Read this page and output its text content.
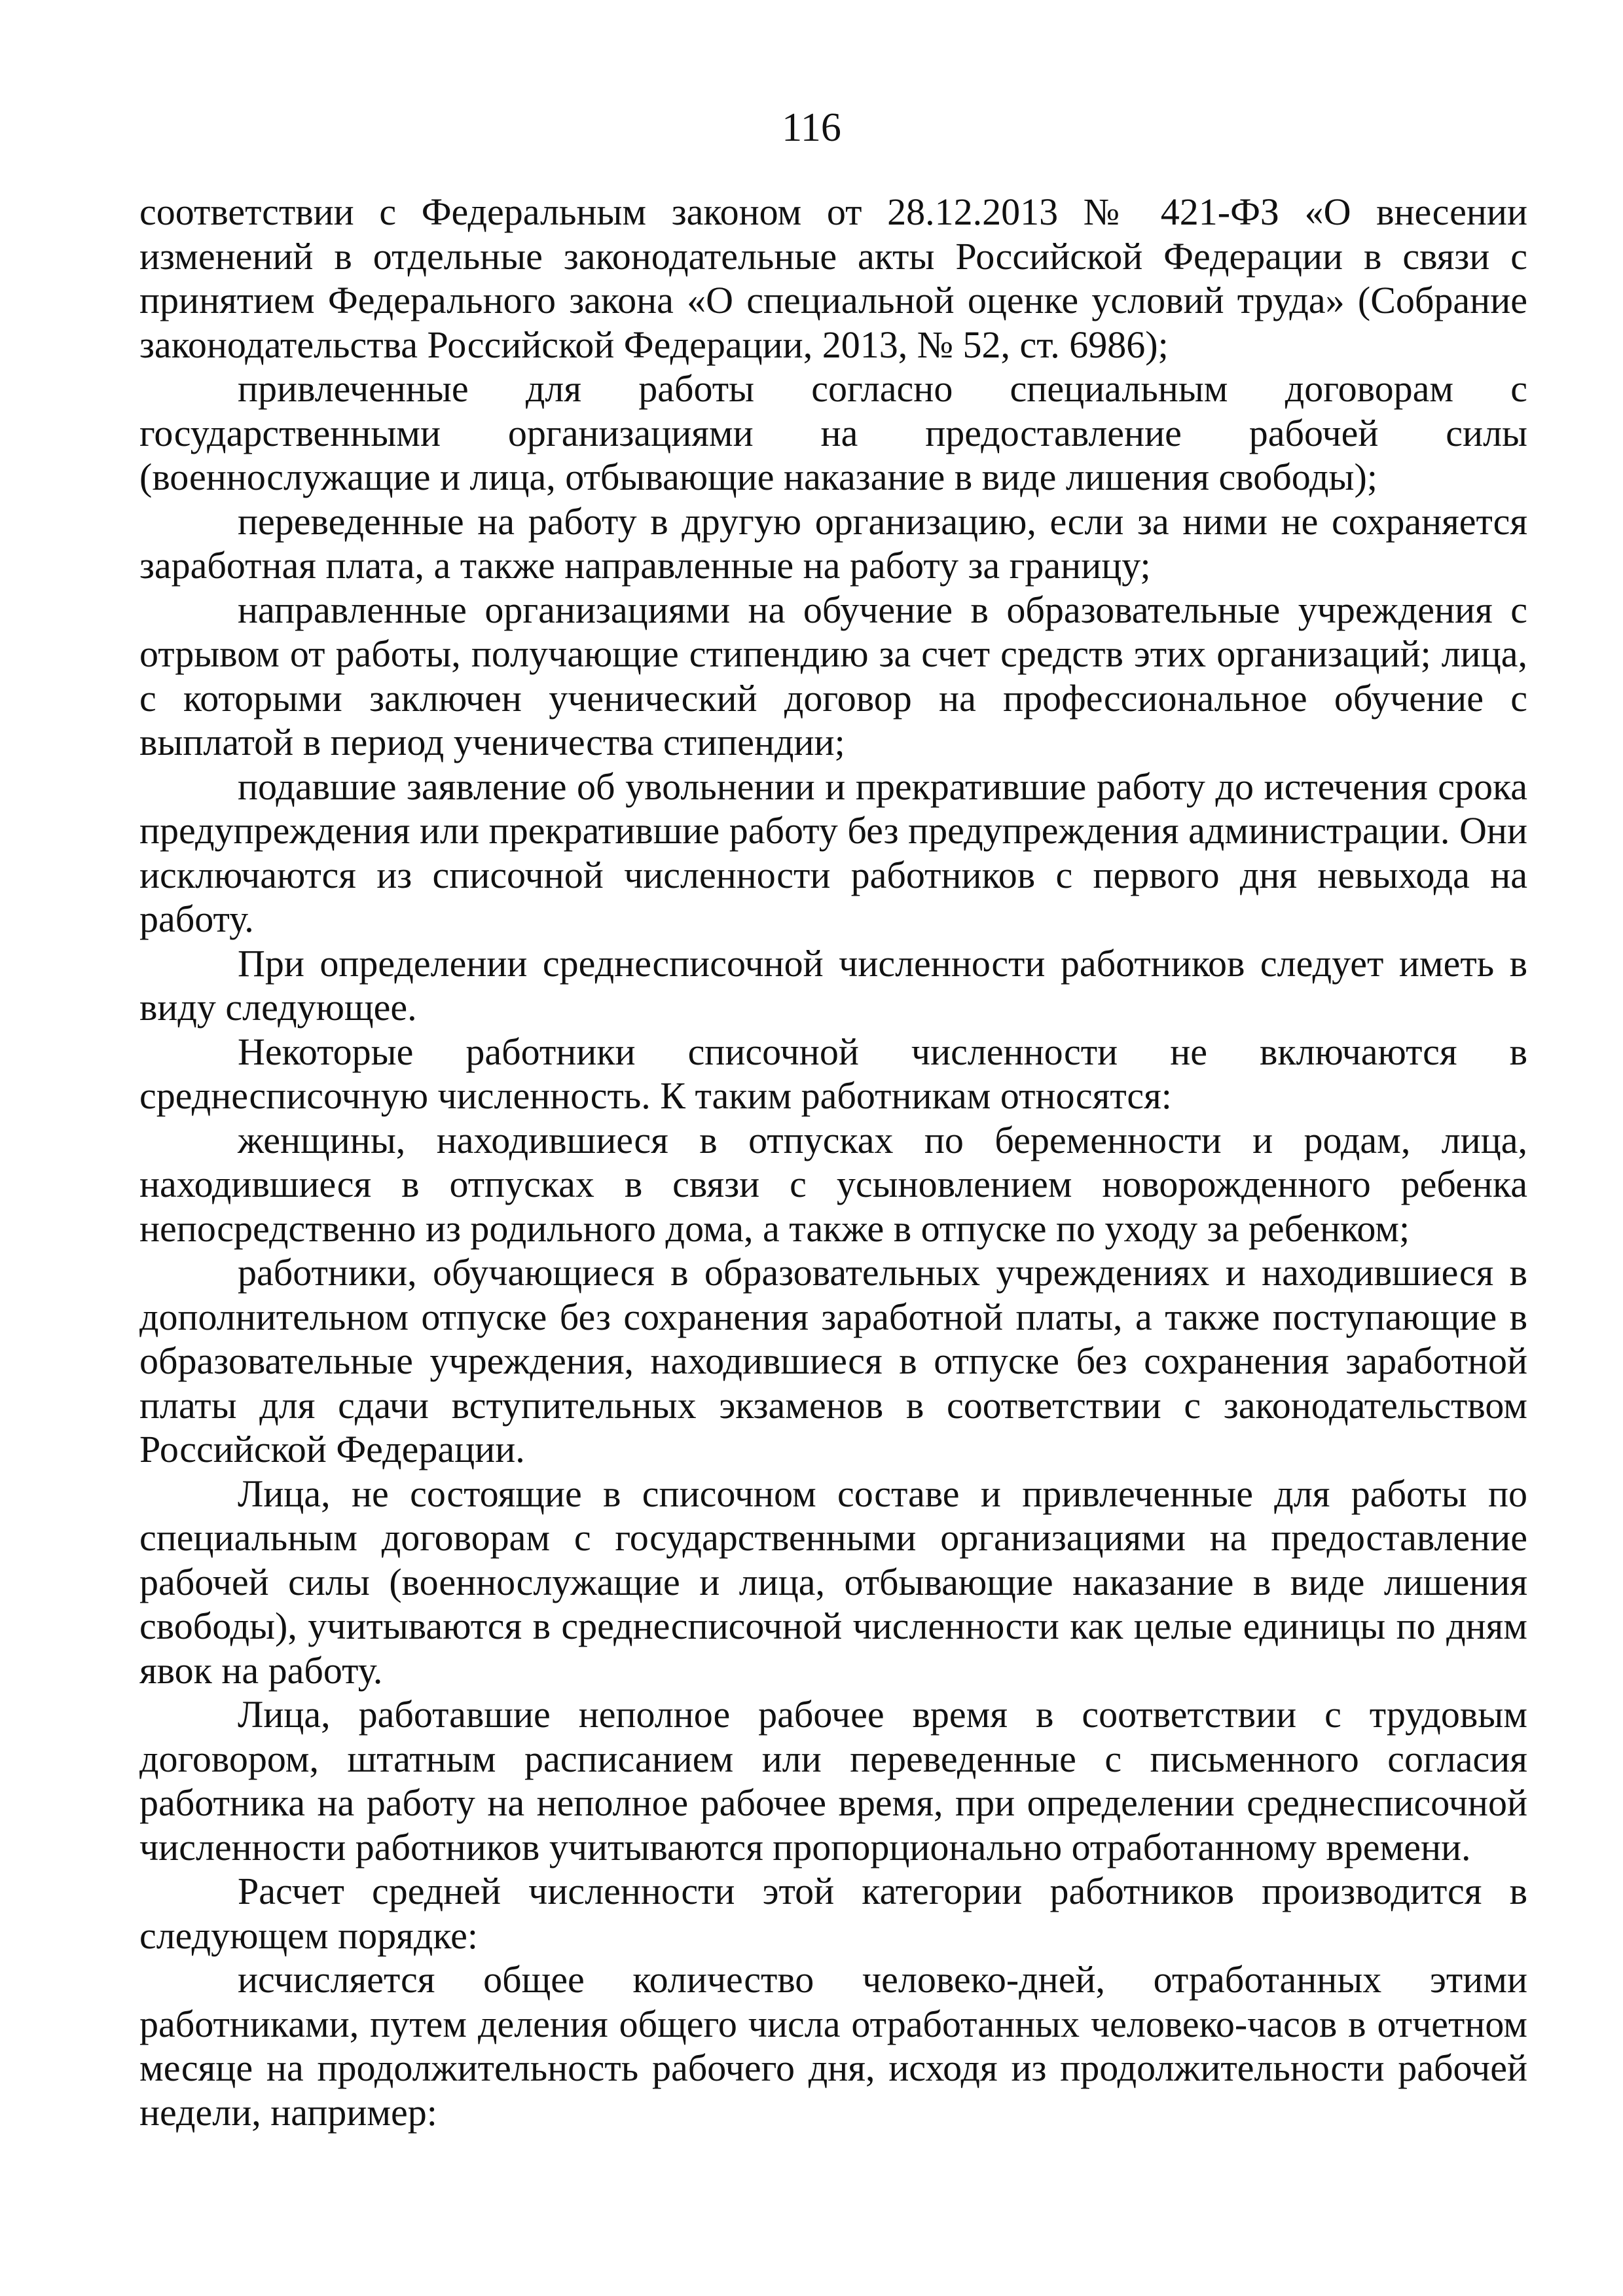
116

соответствии с Федеральным законом от 28.12.2013 № 421-ФЗ «О внесении изменений в отдельные законодательные акты Российской Федерации в связи с принятием Федерального закона «О специальной оценке условий труда» (Собрание законодательства Российской Федерации, 2013, № 52, ст. 6986);

привлеченные для работы согласно специальным договорам с государственными организациями на предоставление рабочей силы (военнослужащие и лица, отбывающие наказание в виде лишения свободы);

переведенные на работу в другую организацию, если за ними не сохраняется заработная плата, а также направленные на работу за границу;

направленные организациями на обучение в образовательные учреждения с отрывом от работы, получающие стипендию за счет средств этих организаций; лица, с которыми заключен ученический договор на профессиональное обучение с выплатой в период ученичества стипендии;

подавшие заявление об увольнении и прекратившие работу до истечения срока предупреждения или прекратившие работу без предупреждения администрации. Они исключаются из списочной численности работников с первого дня невыхода на работу.

При определении среднесписочной численности работников следует иметь в виду следующее.

Некоторые работники списочной численности не включаются в среднесписочную численность. К таким работникам относятся:

женщины, находившиеся в отпусках по беременности и родам, лица, находившиеся в отпусках в связи с усыновлением новорожденного ребенка непосредственно из родильного дома, а также в отпуске по уходу за ребенком;

работники, обучающиеся в образовательных учреждениях и находившиеся в дополнительном отпуске без сохранения заработной платы, а также поступающие в образовательные учреждения, находившиеся в отпуске без сохранения заработной платы для сдачи вступительных экзаменов в соответствии с законодательством Российской Федерации.

Лица, не состоящие в списочном составе и привлеченные для работы по специальным договорам с государственными организациями на предоставление рабочей силы (военнослужащие и лица, отбывающие наказание в виде лишения свободы), учитываются в среднесписочной численности как целые единицы по дням явок на работу.

Лица, работавшие неполное рабочее время в соответствии с трудовым договором, штатным расписанием или переведенные с письменного согласия работника на работу на неполное рабочее время, при определении среднесписочной численности работников учитываются пропорционально отработанному времени.

Расчет средней численности этой категории работников производится в следующем порядке:

исчисляется общее количество человеко-дней, отработанных этими работниками, путем деления общего числа отработанных человеко-часов в отчетном месяце на продолжительность рабочего дня, исходя из продолжительности рабочей недели, например:
